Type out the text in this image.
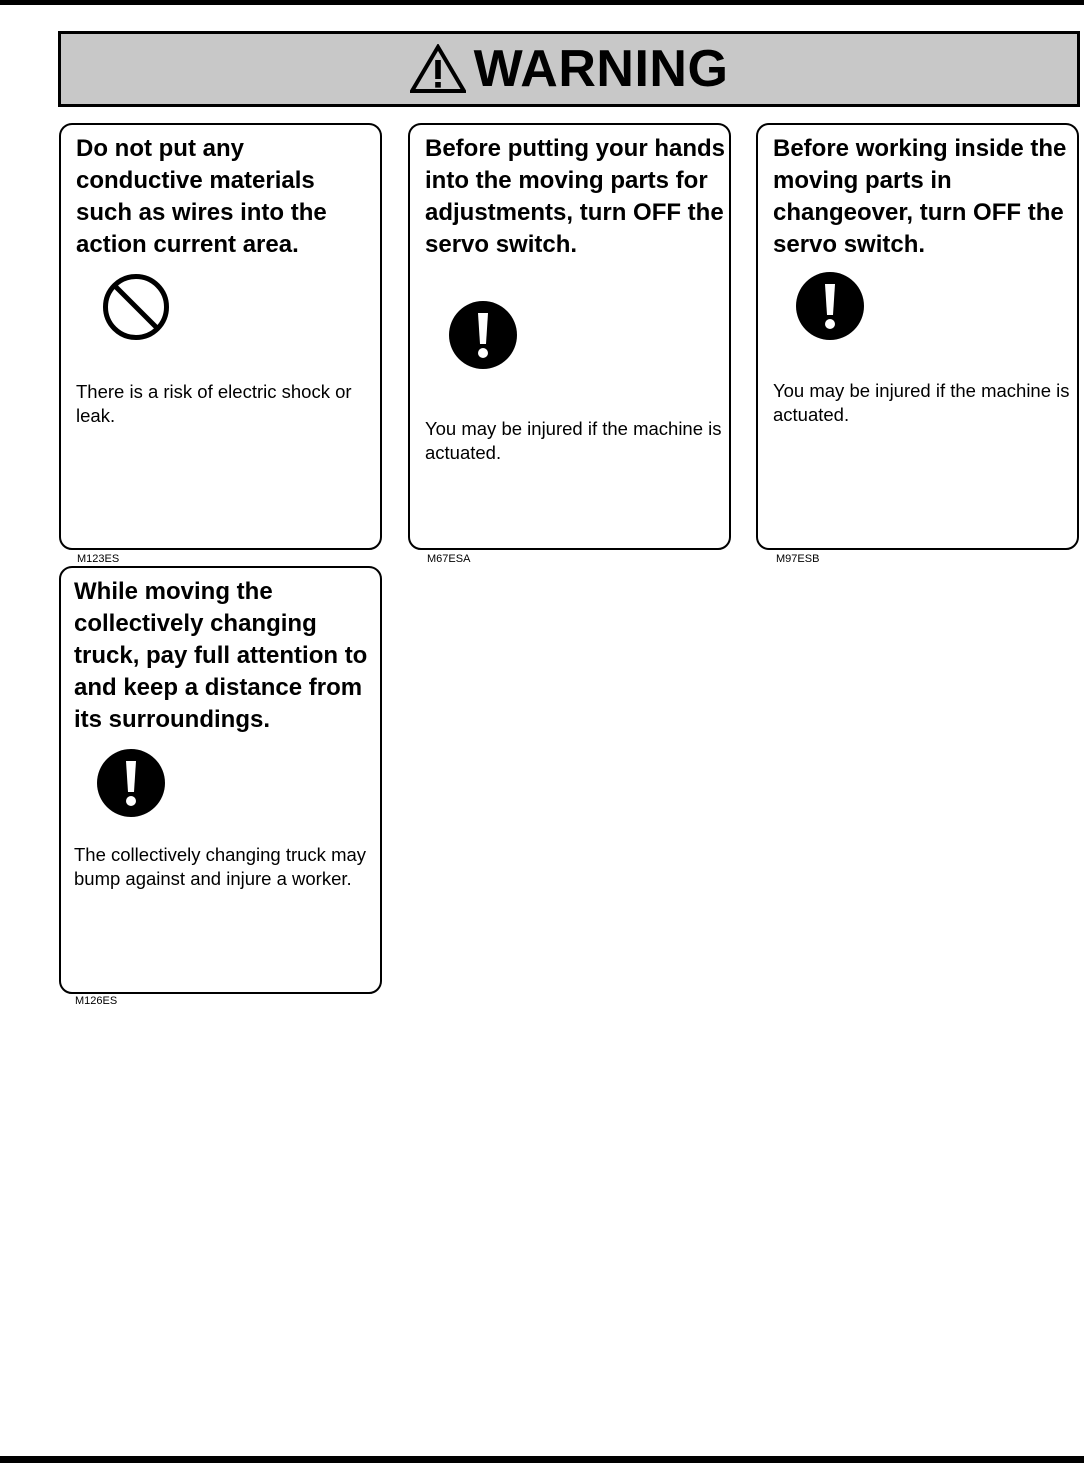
WARNING

Do not put any conductive materials such as wires into the action current area.

There is a risk of electric shock or leak.

M123ES

Before putting your hands into the moving parts for adjustments, turn OFF the servo switch.

You may be injured if the machine is actuated.

M67ESA

Before working inside the moving parts in changeover, turn OFF the servo switch.

You may be injured if the machine is actuated.

M97ESB

While moving the collectively changing truck, pay full attention to and keep a distance from its surroundings.

The collectively changing truck may bump against and injure a worker.

M126ES
